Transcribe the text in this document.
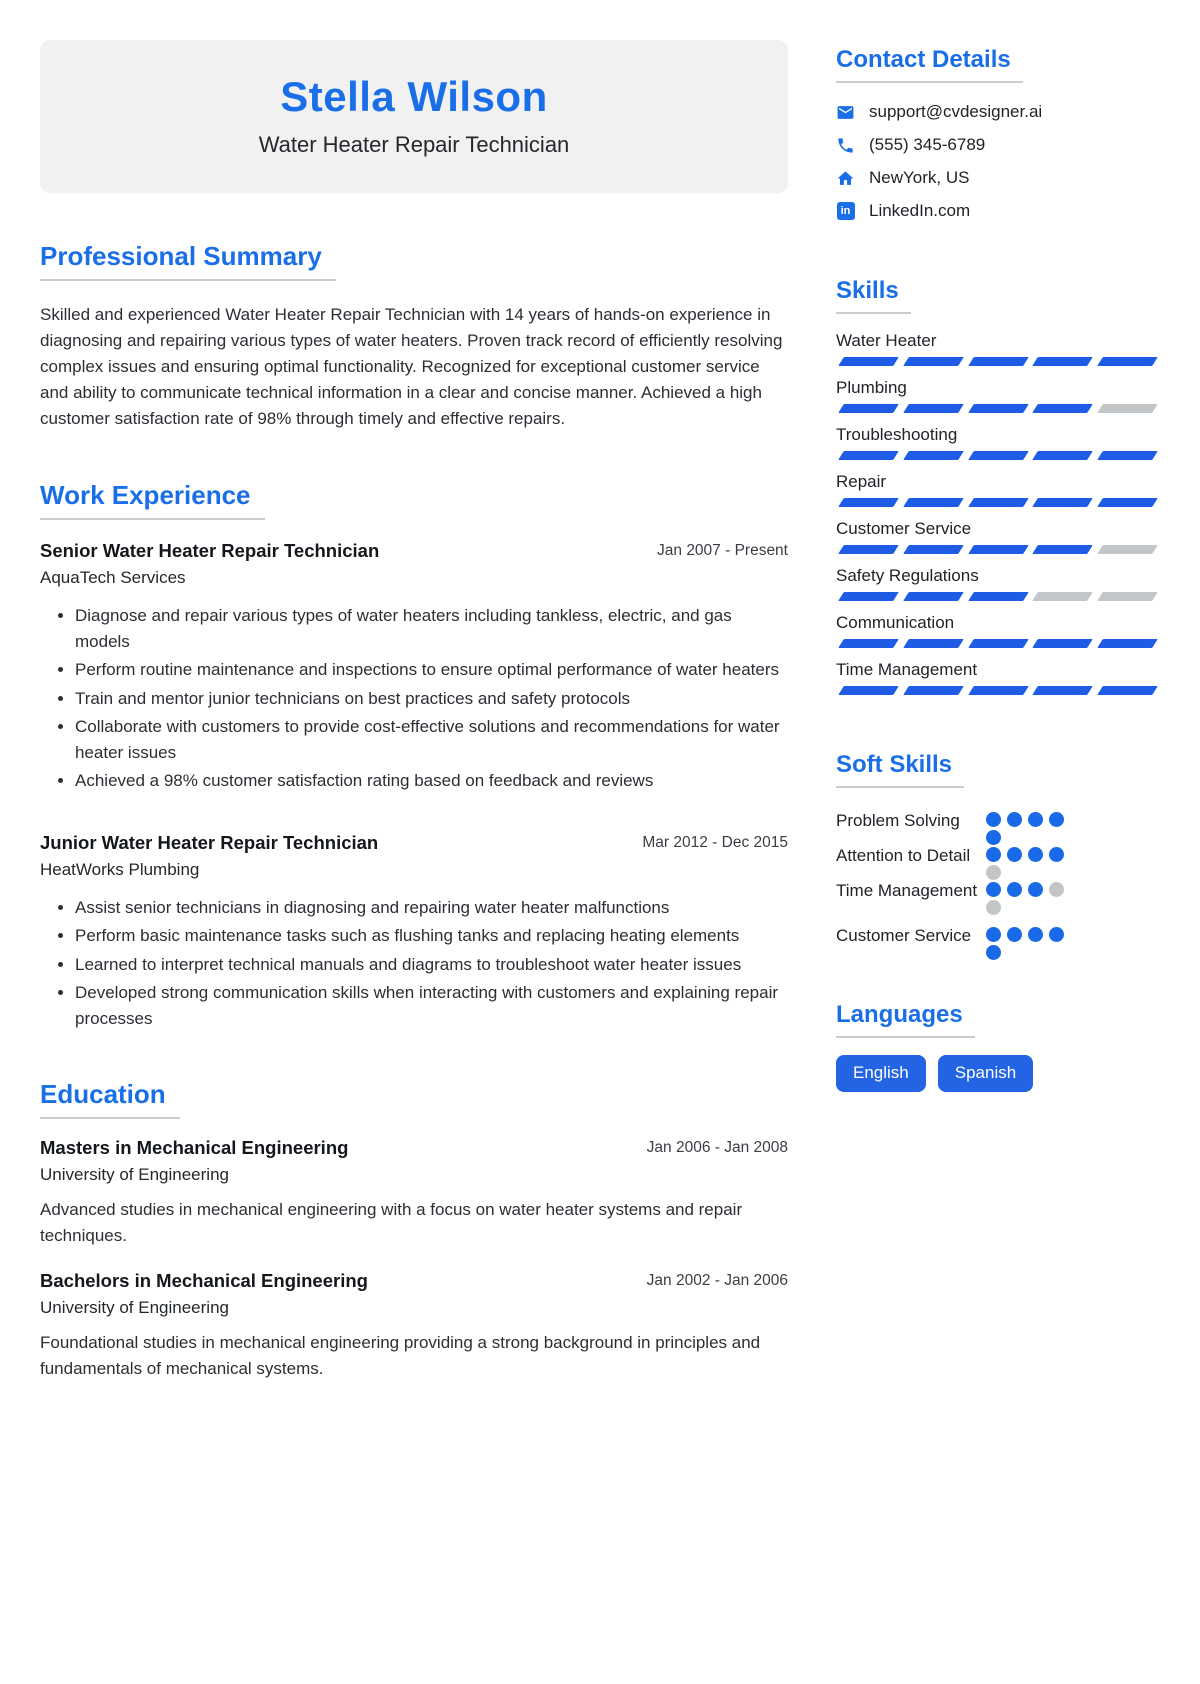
Stella Wilson
Water Heater Repair Technician
Professional Summary

Skilled and experienced Water Heater Repair Technician with 14 years of hands-on experience in diagnosing and repairing various types of water heaters. Proven track record of efficiently resolving complex issues and ensuring optimal functionality. Recognized for exceptional customer service and ability to communicate technical information in a clear and concise manner. Achieved a high customer satisfaction rate of 98% through timely and effective repairs.

Work Experience
Senior Water Heater Repair Technician	Jan 2007 - Present
AquaTech Services
• Diagnose and repair various types of water heaters including tankless, electric, and gas models
• Perform routine maintenance and inspections to ensure optimal performance of water heaters
• Train and mentor junior technicians on best practices and safety protocols
• Collaborate with customers to provide cost-effective solutions and recommendations for water heater issues
• Achieved a 98% customer satisfaction rating based on feedback and reviews
Junior Water Heater Repair Technician	Mar 2012 - Dec 2015
HeatWorks Plumbing
• Assist senior technicians in diagnosing and repairing water heater malfunctions
• Perform basic maintenance tasks such as flushing tanks and replacing heating elements
• Learned to interpret technical manuals and diagrams to troubleshoot water heater issues
• Developed strong communication skills when interacting with customers and explaining repair processes
Education
Masters in Mechanical Engineering	Jan 2006 - Jan 2008
University of Engineering
Advanced studies in mechanical engineering with a focus on water heater systems and repair techniques.
Bachelors in Mechanical Engineering	Jan 2002 - Jan 2006
University of Engineering
Foundational studies in mechanical engineering providing a strong background in principles and fundamentals of mechanical systems.
Contact Details
support@cvdesigner.ai
(555) 345-6789
NewYork, US
in LinkedIn.com
Skills
Water Heater
Plumbing
Troubleshooting
Repair
Customer Service
Safety Regulations
Communication
Time Management
Soft Skills
Problem Solving
Attention to Detail
Time Management
Customer Service
Languages
English	Spanish
